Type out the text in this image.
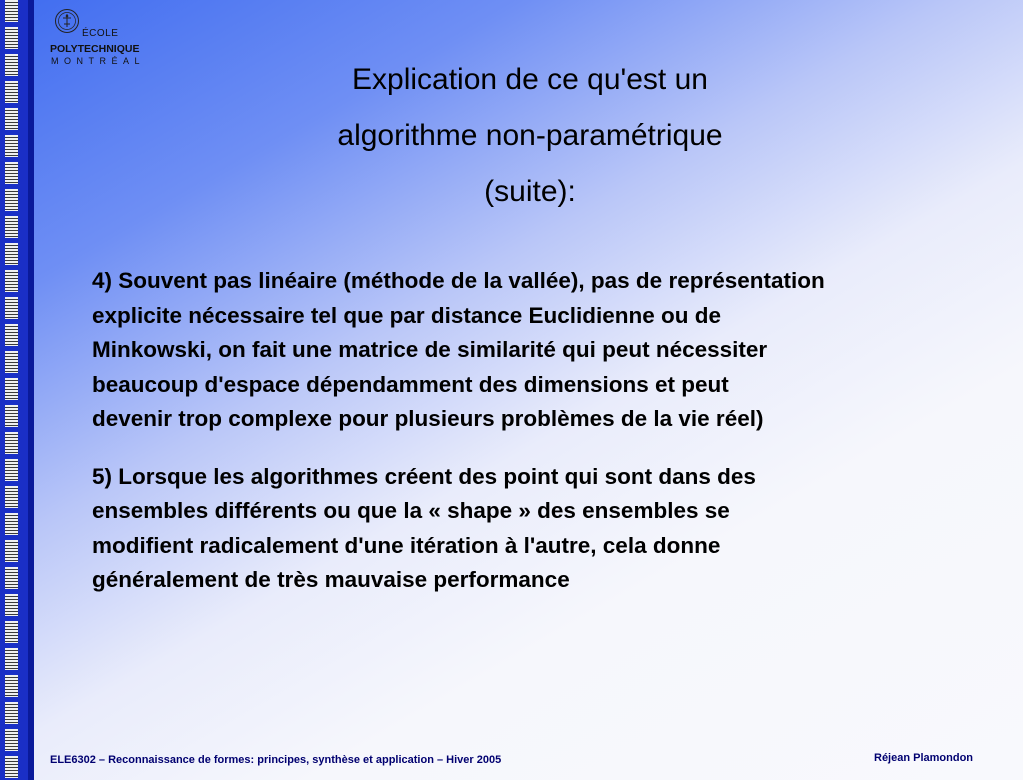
ÉCOLE
POLYTECHNIQUE
MONTRÉAL
Explication de ce qu'est un
algorithme non-paramétrique
(suite):
4) Souvent pas linéaire (méthode de la vallée), pas de représentation
explicite nécessaire tel que par distance Euclidienne ou de
Minkowski, on fait une matrice de similarité qui peut nécessiter
beaucoup d'espace dépendamment des dimensions et peut
devenir trop complexe pour plusieurs problèmes de la vie réel)
5) Lorsque les algorithmes créent des point qui sont dans des
ensembles différents ou que la « shape » des ensembles se
modifient radicalement d'une itération à l'autre, cela donne
généralement de très mauvaise performance
ELE6302 – Reconnaissance de formes: principes, synthèse et application – Hiver 2005	Réjean Plamondon
